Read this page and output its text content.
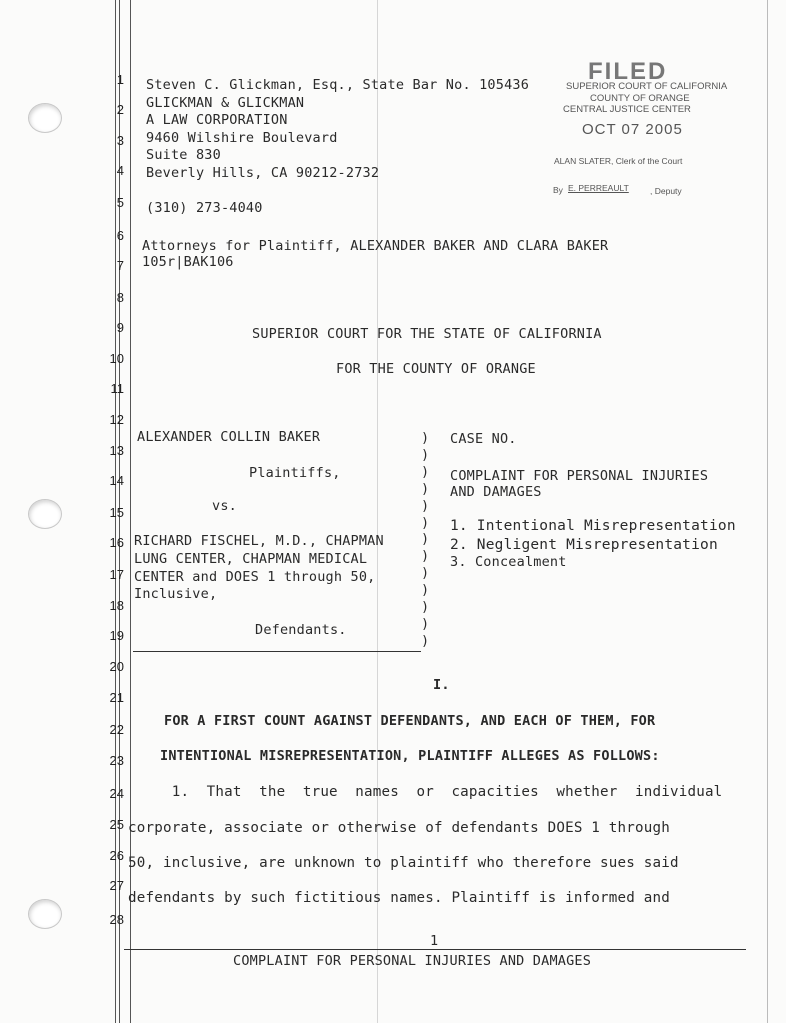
1
2
3
4
5
6
7
8
9
10
11
12
13
14
15
16
17
18
19
20
21
22
23
24
25
26
27
28
Steven C. Glickman, Esq., State Bar No. 105436
GLICKMAN & GLICKMAN
A LAW CORPORATION
9460 Wilshire Boulevard
Suite 830
Beverly Hills, CA 90212-2732
(310) 273-4040
Attorneys for Plaintiff, ALEXANDER BAKER AND CLARA BAKER
105r|BAK106
FILED
SUPERIOR COURT OF CALIFORNIA
COUNTY OF ORANGE
CENTRAL JUSTICE CENTER
OCT 07 2005
ALAN SLATER, Clerk of the Court
By E. PERREAULT , Deputy
SUPERIOR COURT FOR THE STATE OF CALIFORNIA
FOR THE COUNTY OF ORANGE
ALEXANDER COLLIN BAKER
Plaintiffs,
vs.
RICHARD FISCHEL, M.D., CHAPMAN
LUNG CENTER, CHAPMAN MEDICAL
CENTER and DOES 1 through 50,
Inclusive,
Defendants.
)
)
)
)
)
)
)
)
)
)
)
)
)
CASE NO.
COMPLAINT FOR PERSONAL INJURIES
AND DAMAGES
1. Intentional Misrepresentation
2. Negligent Misrepresentation
3. Concealment
I.
FOR A FIRST COUNT AGAINST DEFENDANTS, AND EACH OF THEM, FOR
INTENTIONAL MISREPRESENTATION, PLAINTIFF ALLEGES AS FOLLOWS:
1.  That  the  true  names  or  capacities  whether  individual
corporate, associate or otherwise of defendants DOES 1 through
50, inclusive, are unknown to plaintiff who therefore sues said
defendants by such fictitious names. Plaintiff is informed and
1
COMPLAINT FOR PERSONAL INJURIES AND DAMAGES
